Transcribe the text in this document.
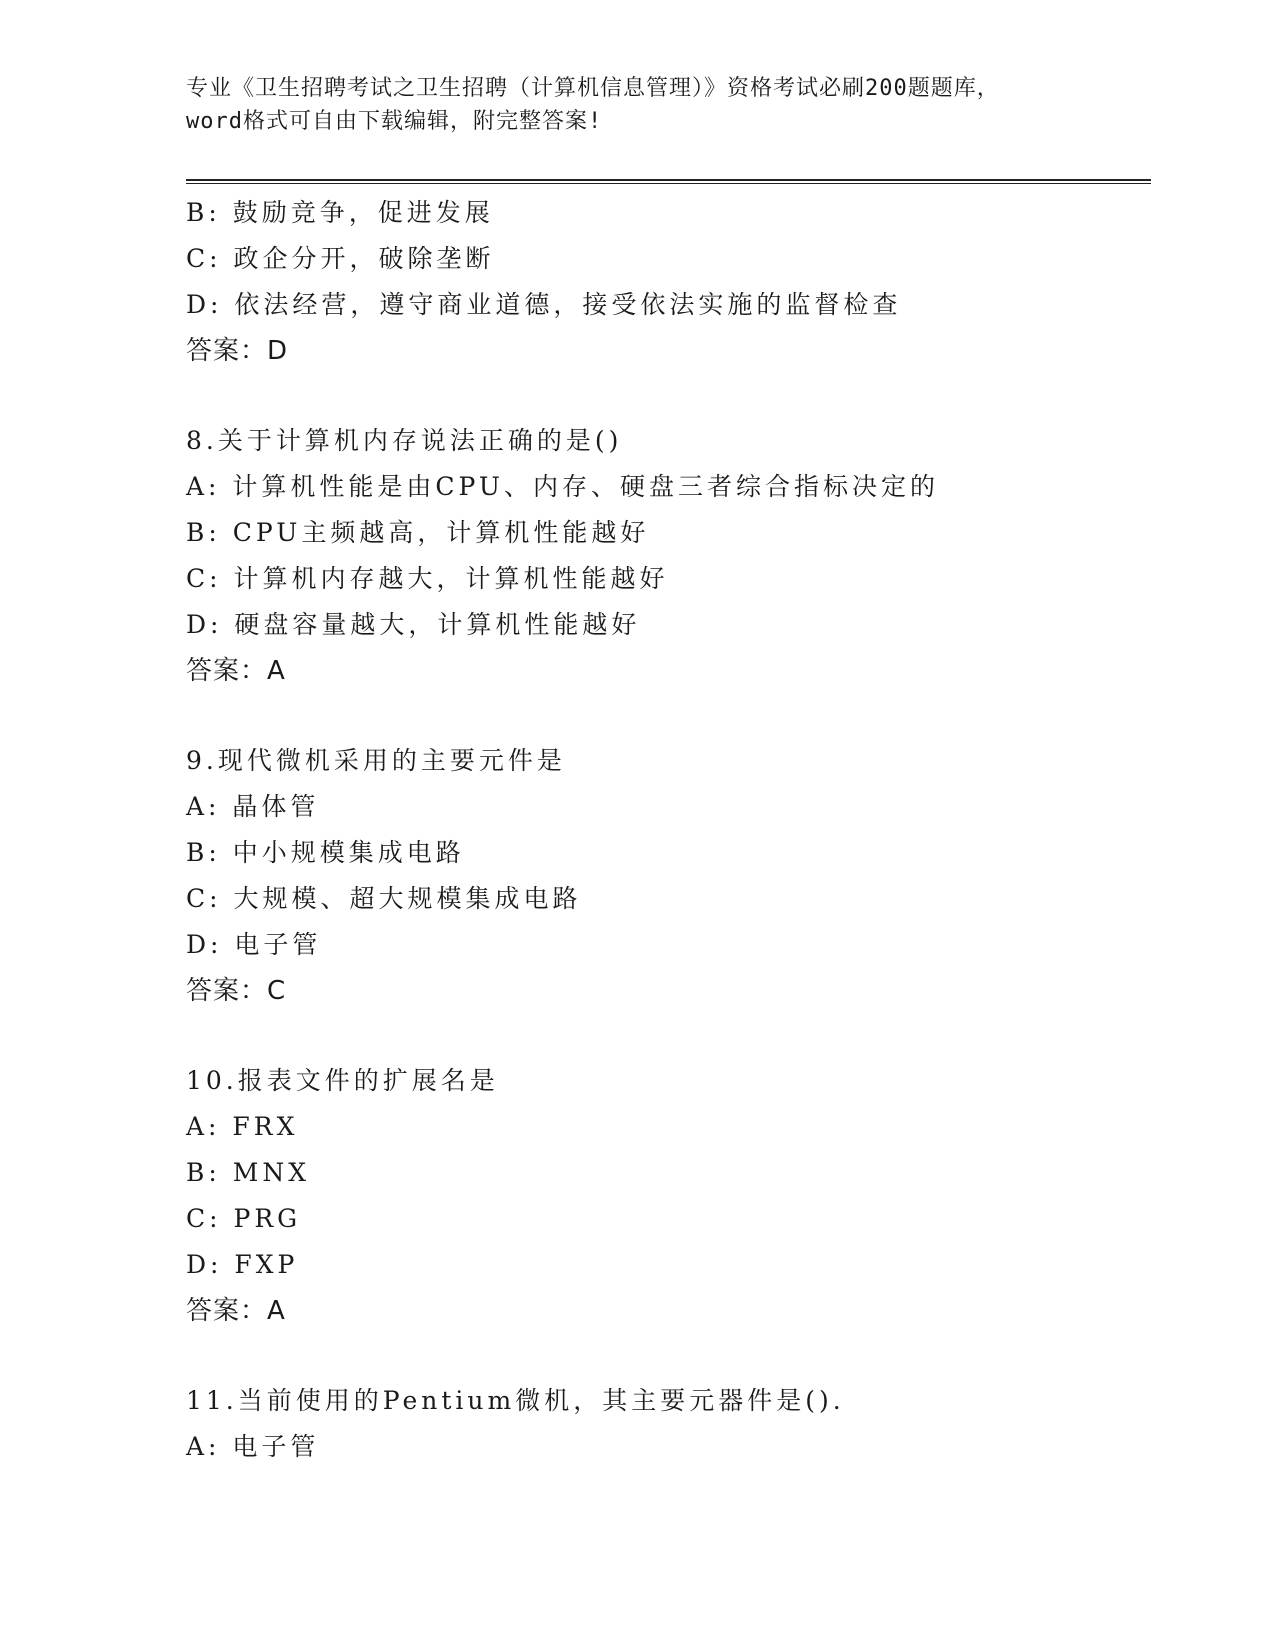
专业《卫生招聘考试之卫生招聘（计算机信息管理）》资格考试必刷200题题库，
word格式可自由下载编辑，附完整答案!
B: 鼓励竞争，促进发展
C: 政企分开，破除垄断
D: 依法经营，遵守商业道德，接受依法实施的监督检查
答案：D
8.关于计算机内存说法正确的是()
A: 计算机性能是由CPU、内存、硬盘三者综合指标决定的
B: CPU主频越高，计算机性能越好
C: 计算机内存越大，计算机性能越好
D: 硬盘容量越大，计算机性能越好
答案：A
9.现代微机采用的主要元件是
A: 晶体管
B: 中小规模集成电路
C: 大规模、超大规模集成电路
D: 电子管
答案：C
10.报表文件的扩展名是
A: FRX
B: MNX
C: PRG
D: FXP
答案：A
11.当前使用的Pentium微机，其主要元器件是().
A: 电子管
